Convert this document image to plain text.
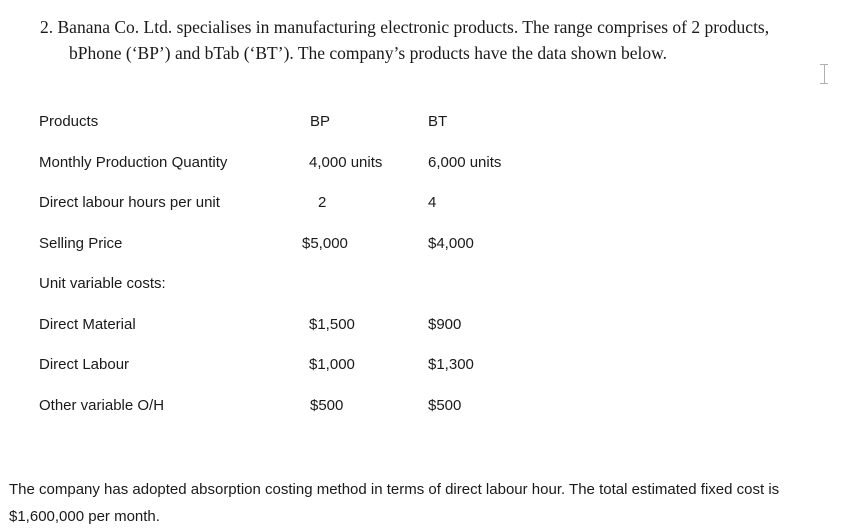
2. Banana Co. Ltd. specialises in manufacturing electronic products. The range comprises of 2 products,
bPhone (‘BP’) and bTab (‘BT’). The company’s products have the data shown below.
Products	BP	BT
Monthly Production Quantity	4,000 units	6,000 units
Direct labour hours per unit	2	4
Selling Price	$5,000	$4,000
Unit variable costs:
Direct Material	$1,500	$900
Direct Labour	$1,000	$1,300
Other variable O/H	$500	$500
The company has adopted absorption costing method in terms of direct labour hour. The total estimated fixed cost is $1,600,000 per month.
